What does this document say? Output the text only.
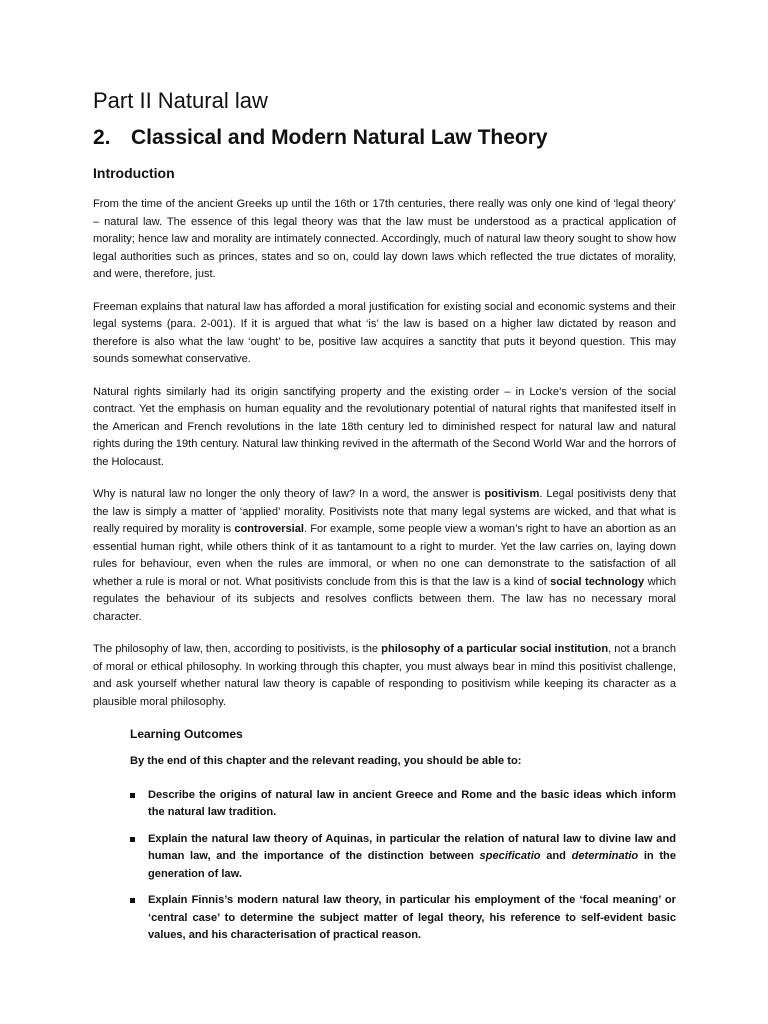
Part II Natural law
2. Classical and Modern Natural Law Theory
Introduction

From the time of the ancient Greeks up until the 16th or 17th centuries, there really was only one kind of ‘legal theory’ – natural law. The essence of this legal theory was that the law must be understood as a practical application of morality; hence law and morality are intimately connected. Accordingly, much of natural law theory sought to show how legal authorities such as princes, states and so on, could lay down laws which reflected the true dictates of morality, and were, therefore, just.

Freeman explains that natural law has afforded a moral justification for existing social and economic systems and their legal systems (para. 2-001). If it is argued that what ‘is’ the law is based on a higher law dictated by reason and therefore is also what the law ‘ought’ to be, positive law acquires a sanctity that puts it beyond question. This may sounds somewhat conservative.

Natural rights similarly had its origin sanctifying property and the existing order – in Locke’s version of the social contract. Yet the emphasis on human equality and the revolutionary potential of natural rights that manifested itself in the American and French revolutions in the late 18th century led to diminished respect for natural law and natural rights during the 19th century. Natural law thinking revived in the aftermath of the Second World War and the horrors of the Holocaust.

Why is natural law no longer the only theory of law? In a word, the answer is positivism. Legal positivists deny that the law is simply a matter of ‘applied’ morality. Positivists note that many legal systems are wicked, and that what is really required by morality is controversial. For example, some people view a woman’s right to have an abortion as an essential human right, while others think of it as tantamount to a right to murder. Yet the law carries on, laying down rules for behaviour, even when the rules are immoral, or when no one can demonstrate to the satisfaction of all whether a rule is moral or not. What positivists conclude from this is that the law is a kind of social technology which regulates the behaviour of its subjects and resolves conflicts between them. The law has no necessary moral character.

The philosophy of law, then, according to positivists, is the philosophy of a particular social institution, not a branch of moral or ethical philosophy. In working through this chapter, you must always bear in mind this positivist challenge, and ask yourself whether natural law theory is capable of responding to positivism while keeping its character as a plausible moral philosophy.

Learning Outcomes
By the end of this chapter and the relevant reading, you should be able to:
Describe the origins of natural law in ancient Greece and Rome and the basic ideas which inform the natural law tradition.
Explain the natural law theory of Aquinas, in particular the relation of natural law to divine law and human law, and the importance of the distinction between specificatio and determinatio in the generation of law.
Explain Finnis’s modern natural law theory, in particular his employment of the ‘focal meaning’ or ‘central case’ to determine the subject matter of legal theory, his reference to self-evident basic values, and his characterisation of practical reason.
